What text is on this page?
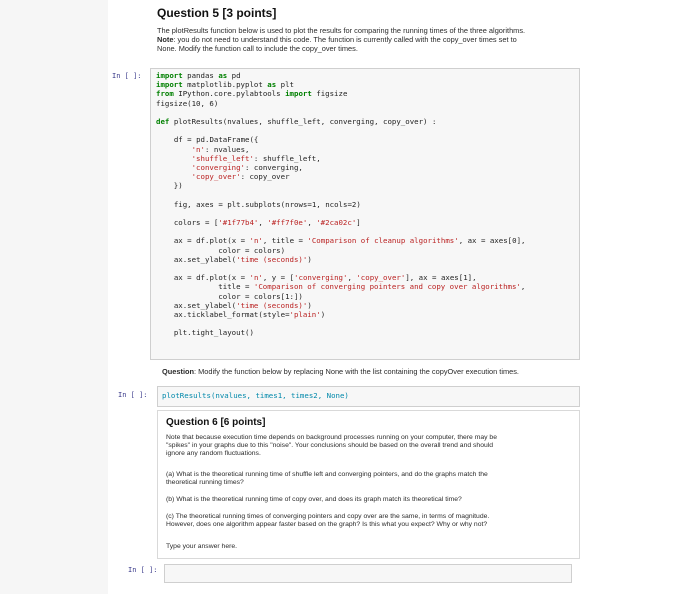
Question 5 [3 points]
The plotResults function below is used to plot the results for comparing the running times of the three algorithms.
Note: you do not need to understand this code. The function is currently called with the copy_over times set to
None. Modify the function call to include the copy_over times.
In [ ]: import pandas as pd
import matplotlib.pyplot as plt
from IPython.core.pylabtools import figsize
figsize(10, 6)

def plotResults(nvalues, shuffle_left, converging, copy_over) :

df = pd.DataFrame({
'n': nvalues,
'shuffle_left': shuffle_left,
'converging': converging,
'copy_over': copy_over
})

fig, axes = plt.subplots(nrows=1, ncols=2)

colors = ['#1f77b4', '#ff7f0e', '#2ca02c']

ax = df.plot(x = 'n', title = 'Comparison of cleanup algorithms', ax = axes[0],
color = colors)
ax.set_ylabel('time (seconds)')

ax = df.plot(x = 'n', y = ['converging', 'copy_over'], ax = axes[1],
title = 'Comparison of converging pointers and copy over algorithms',
color = colors[1:])
ax.set_ylabel('time (seconds)')
ax.ticklabel_format(style='plain')

plt.tight_layout()
Question: Modify the function below by replacing None with the list containing the copyOver execution times.
In [ ]: plotResults(nvalues, times1, times2, None)
Question 6 [6 points]
Note that because execution time depends on background processes running on your computer, there may be
"spikes" in your graphs due to this "noise". Your conclusions should be based on the overall trend and should
ignore any random fluctuations.
(a) What is the theoretical running time of shuffle left and converging pointers, and do the graphs match the
theoretical running times?
(b) What is the theoretical running time of copy over, and does its graph match its theoretical time?
(c) The theoretical running times of converging pointers and copy over are the same, in terms of magnitude.
However, does one algorithm appear faster based on the graph? Is this what you expect? Why or why not?
Type your answer here.
In [ ]:
